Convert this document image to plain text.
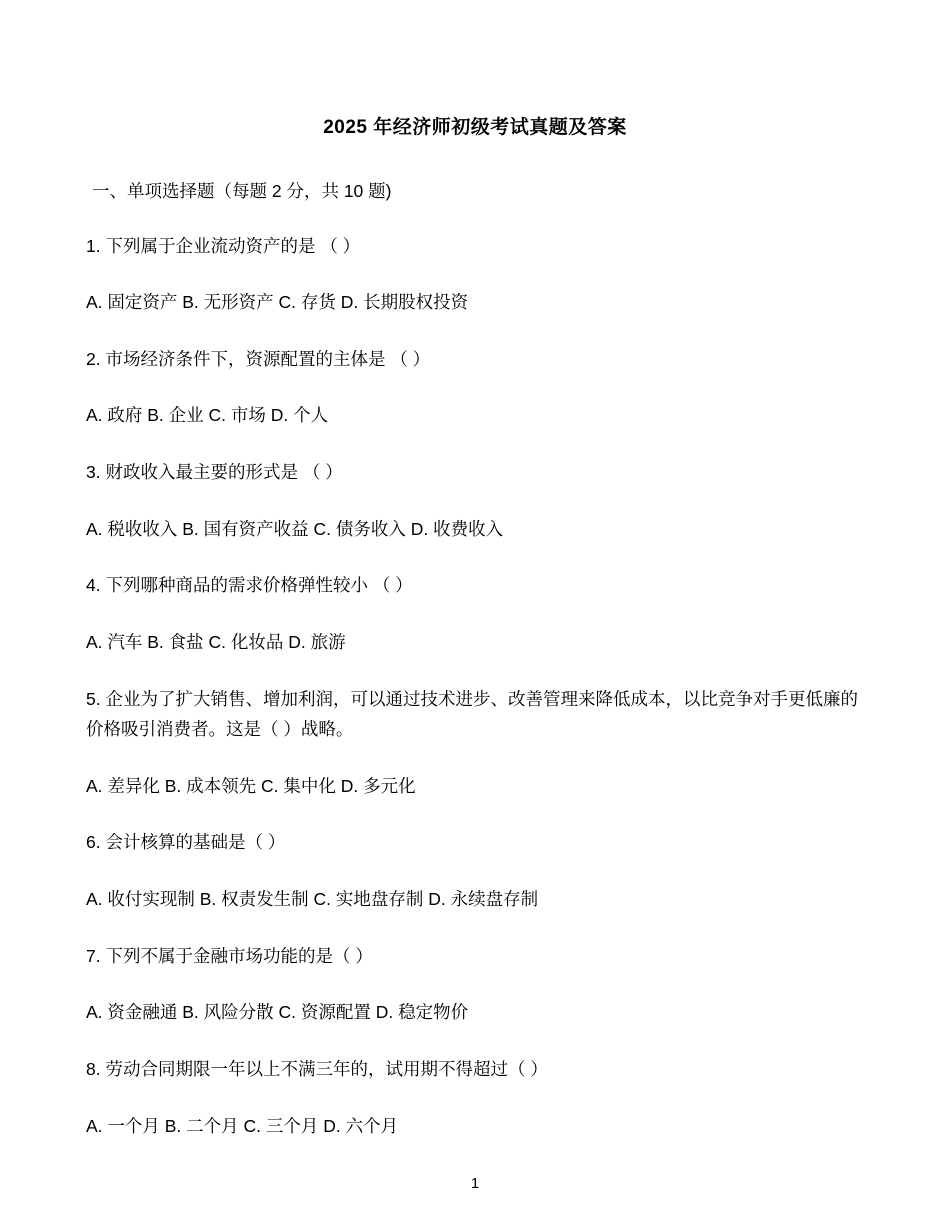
2025 年经济师初级考试真题及答案
一、单项选择题（每题 2 分，共 10 题)
1. 下列属于企业流动资产的是 （ ）
A. 固定资产 B. 无形资产 C. 存货 D. 长期股权投资
2. 市场经济条件下，资源配置的主体是 （ ）
A. 政府 B. 企业 C. 市场 D. 个人
3. 财政收入最主要的形式是 （ ）
A. 税收收入 B. 国有资产收益 C. 债务收入 D. 收费收入
4. 下列哪种商品的需求价格弹性较小 （ ）
A. 汽车 B. 食盐 C. 化妆品 D. 旅游
5. 企业为了扩大销售、增加利润，可以通过技术进步、改善管理来降低成本，以比竞争对手更低廉的价格吸引消费者。这是（ ）战略。
A. 差异化 B. 成本领先 C. 集中化 D. 多元化
6. 会计核算的基础是（ ）
A. 收付实现制 B. 权责发生制 C. 实地盘存制 D. 永续盘存制
7. 下列不属于金融市场功能的是（ ）
A. 资金融通 B. 风险分散 C. 资源配置 D. 稳定物价
8. 劳动合同期限一年以上不满三年的，试用期不得超过（ ）
A. 一个月 B. 二个月 C. 三个月 D. 六个月
1
